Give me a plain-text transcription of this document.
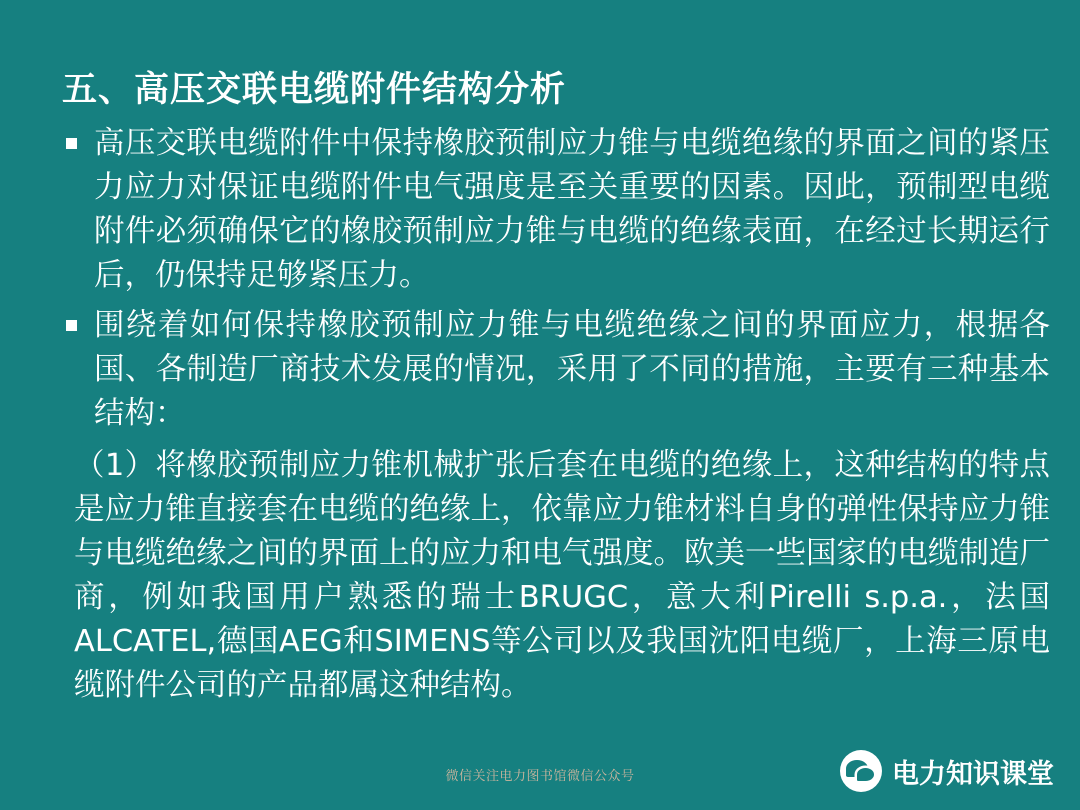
五、高压交联电缆附件结构分析
高压交联电缆附件中保持橡胶预制应力锥与电缆绝缘的界面之间的紧压力应力对保证电缆附件电气强度是至关重要的因素。因此，预制型电缆附件必须确保它的橡胶预制应力锥与电缆的绝缘表面，在经过长期运行后，仍保持足够紧压力。
围绕着如何保持橡胶预制应力锥与电缆绝缘之间的界面应力，根据各国、各制造厂商技术发展的情况，采用了不同的措施，主要有三种基本结构：
（1）将橡胶预制应力锥机械扩张后套在电缆的绝缘上，这种结构的特点是应力锥直接套在电缆的绝缘上，依靠应力锥材料自身的弹性保持应力锥与电缆绝缘之间的界面上的应力和电气强度。欧美一些国家的电缆制造厂商，例如我国用户熟悉的瑞士BRUGC，意大利Pirelli s.p.a.，法国ALCATEL,德国AEG和SIMENS等公司以及我国沈阳电缆厂，上海三原电缆附件公司的产品都属这种结构。
微信关注电力图书馆微信公众号	电力知识课堂
